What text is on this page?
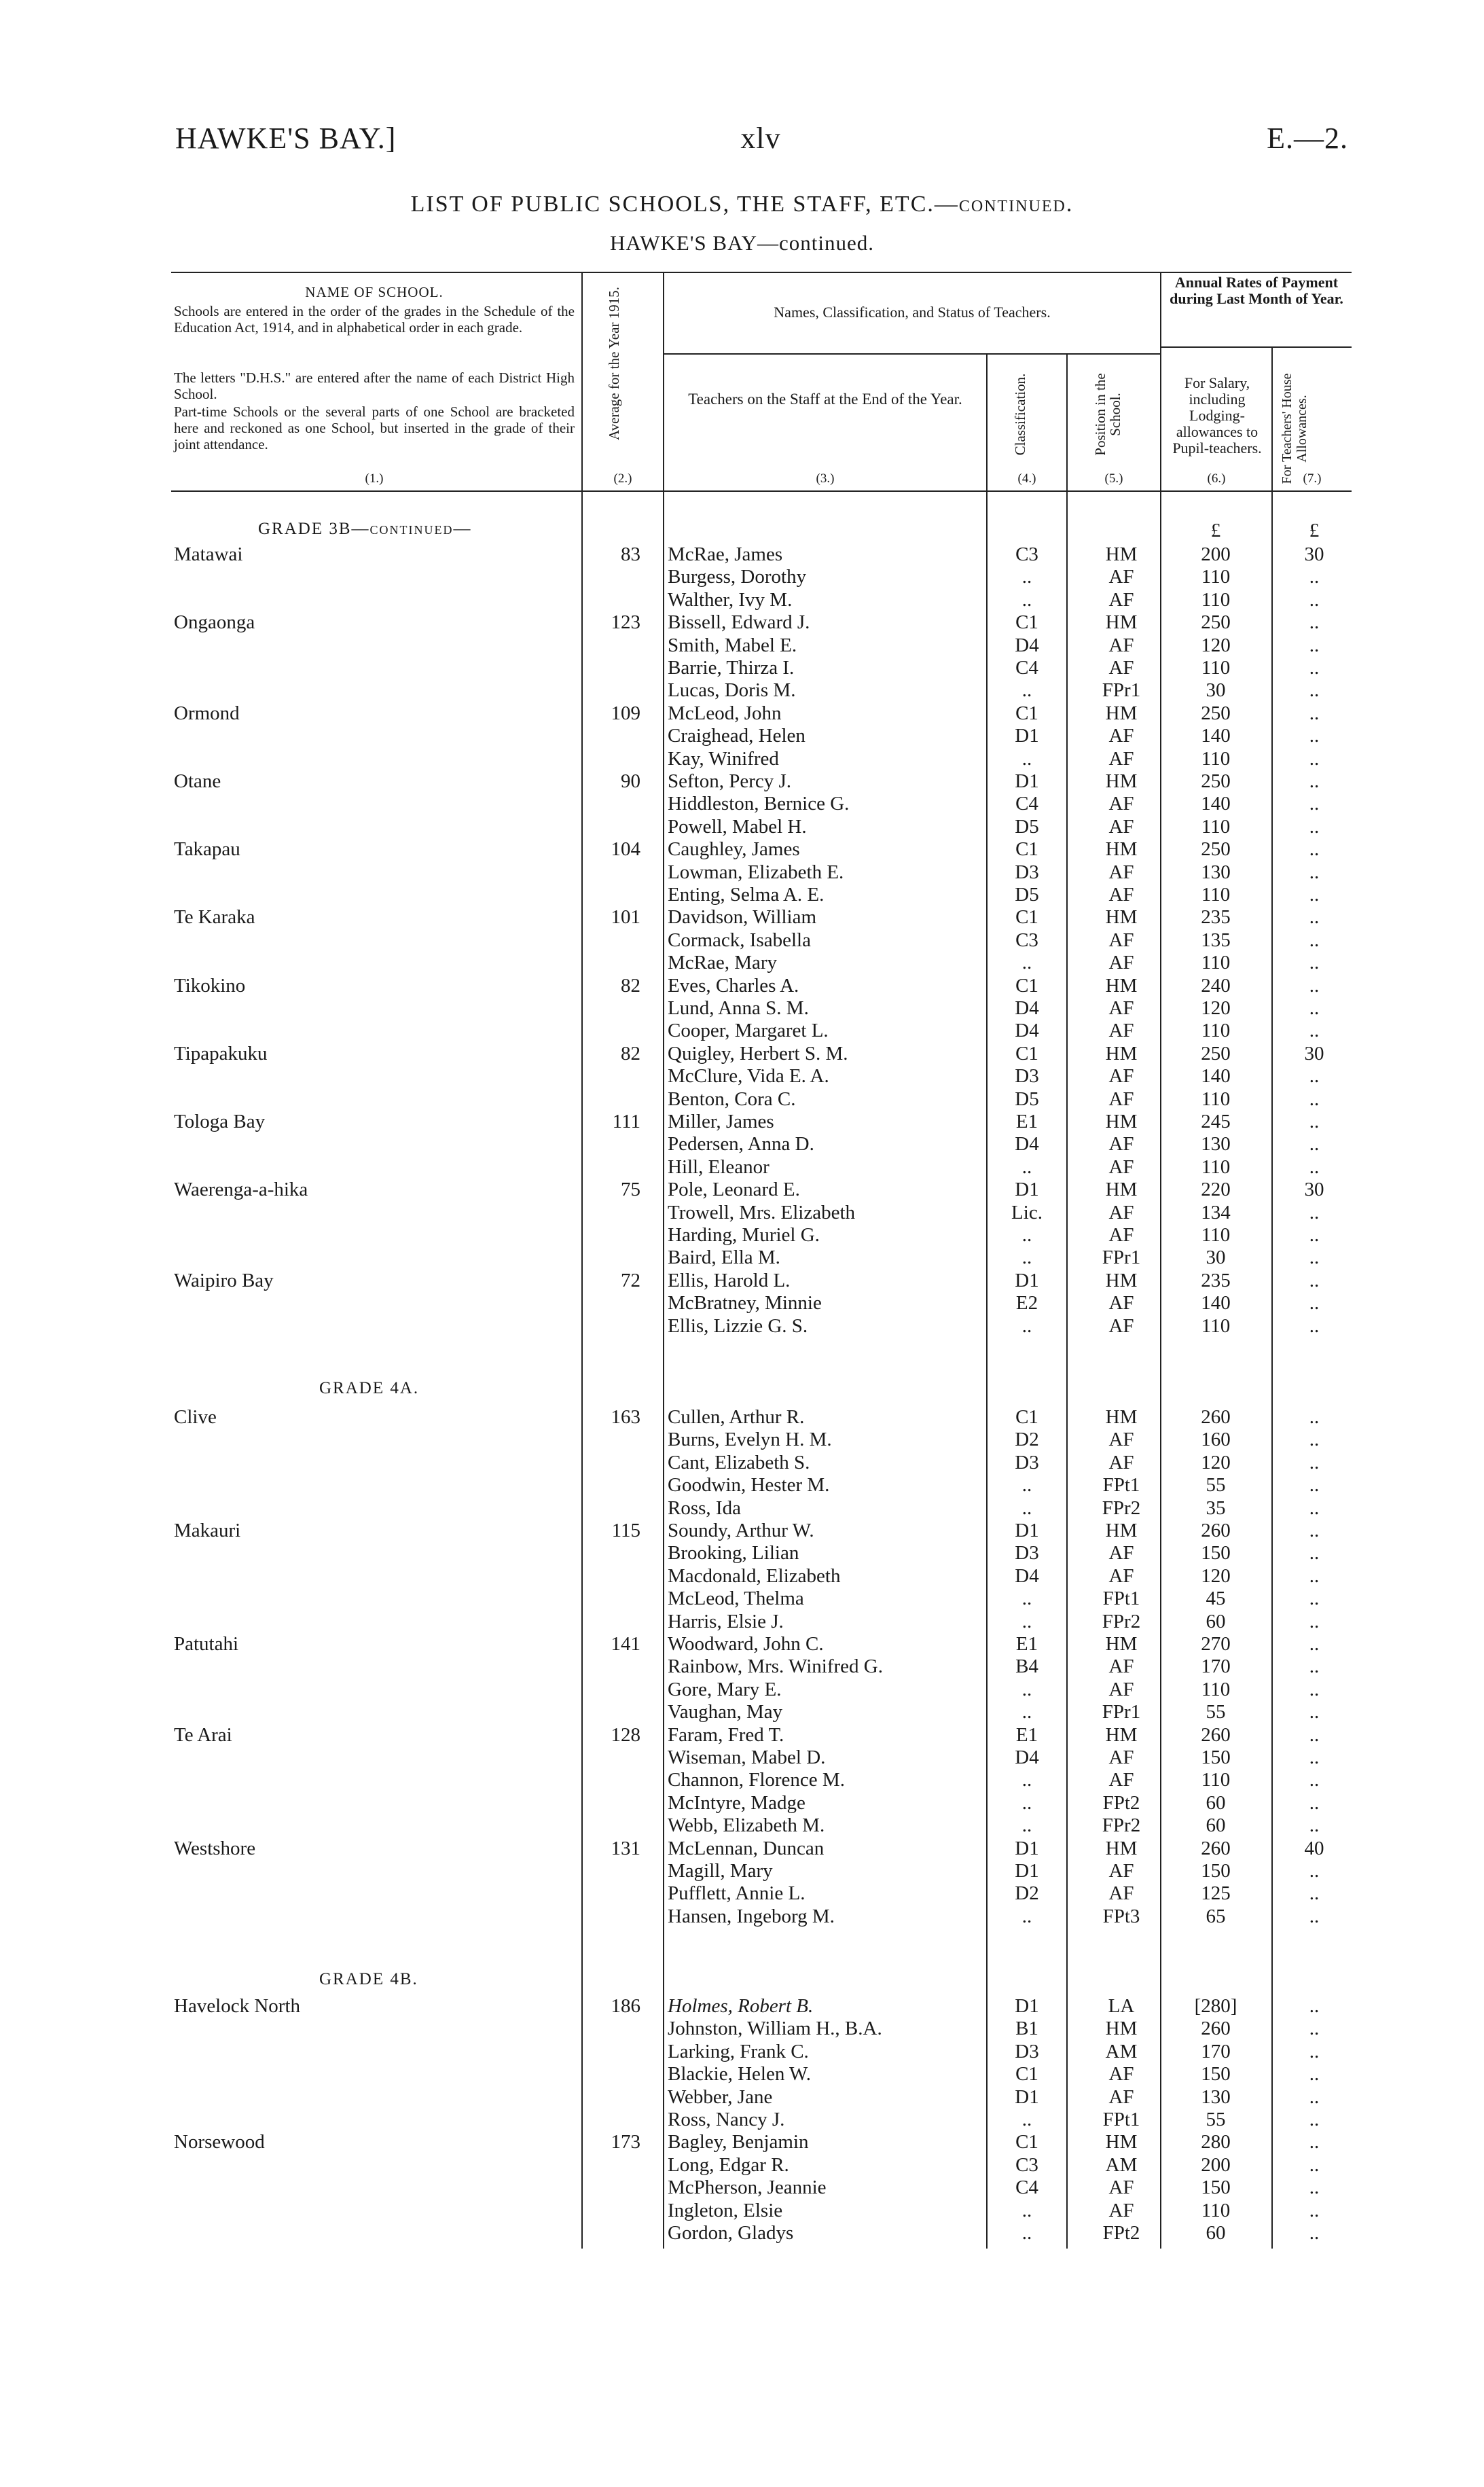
HAWKE'S BAY.]	xlv	E.—2.
LIST OF PUBLIC SCHOOLS, THE STAFF, ETC.—continued.
HAWKE'S BAY—continued.
NAME OF SCHOOL.
Schools are entered in the order of the grades in the Schedule of the Education Act, 1914, and in alphabetical order in each grade.
The letters "D.H.S." are entered after the name of each District High School.
Part-time Schools or the several parts of one School are bracketed here and reckoned as one School, but inserted in the grade of their joint attendance.
(1.)
Average for the Year 1915.
(2.)
Names, Classification, and Status of Teachers.
Teachers on the Staff at the End of the Year.
(3.)
Classification.
(4.)
Position in the School.
(5.)
Annual Rates of Payment during Last Month of Year.
For Salary, including Lodging-allowances to Pupil-teachers.
(6.)	For Teachers' House Allowances.
(7.)
GRADE 3B—continued—
GRADE 4A.
GRADE 4B.
£	£
Matawai	83 McRae, James	C3	HM	200	30
Burgess, Dorothy	..	AF	110	..
Walther, Ivy M.	..	AF	110	..
Ongaonga	123 Bissell, Edward J.	C1	HM	250	..
Smith, Mabel E.	D4	AF	120	..
Barrie, Thirza I.	C4	AF	110	..
Lucas, Doris M.	..	FPr1	30	..
Ormond	109 McLeod, John	C1	HM	250	..
Craighead, Helen	D1	AF	140	..
Kay, Winifred	..	AF	110	..
Otane	90 Sefton, Percy J.	D1	HM	250	..
Hiddleston, Bernice G.	C4	AF	140	..
Powell, Mabel H.	D5	AF	110	..
Takapau	104 Caughley, James	C1	HM	250	..
Lowman, Elizabeth E.	D3	AF	130	..
Enting, Selma A. E.	D5	AF	110	..
Te Karaka	101 Davidson, William	C1	HM	235	..
Cormack, Isabella	C3	AF	135	..
McRae, Mary	..	AF	110	..
Tikokino	82 Eves, Charles A.	C1	HM	240	..
Lund, Anna S. M.	D4	AF	120	..
Cooper, Margaret L.	D4	AF	110	..
Tipapakuku	82 Quigley, Herbert S. M.	C1	HM	250	30
McClure, Vida E. A.	D3	AF	140	..
Benton, Cora C.	D5	AF	110	..
Tologa Bay	111 Miller, James	E1	HM	245	..
Pedersen, Anna D.	D4	AF	130	..
Hill, Eleanor	..	AF	110	..
Waerenga-a-hika	75 Pole, Leonard E.	D1	HM	220	30
Trowell, Mrs. Elizabeth	Lic.	AF	134	..
Harding, Muriel G.	..	AF	110	..
Baird, Ella M.	..	FPr1	30	..
Waipiro Bay	72 Ellis, Harold L.	D1	HM	235	..
McBratney, Minnie	E2	AF	140	..
Ellis, Lizzie G. S.	..	AF	110	..
Clive	163 Cullen, Arthur R.	C1	HM	260	..
Burns, Evelyn H. M.	D2	AF	160	..
Cant, Elizabeth S.	D3	AF	120	..
Goodwin, Hester M.	..	FPt1	55	..
Ross, Ida	..	FPr2	35	..
Makauri	115 Soundy, Arthur W.	D1	HM	260	..
Brooking, Lilian	D3	AF	150	..
Macdonald, Elizabeth	D4	AF	120	..
McLeod, Thelma	..	FPt1	45	..
Harris, Elsie J.	..	FPr2	60	..
Patutahi	141 Woodward, John C.	E1	HM	270	..
Rainbow, Mrs. Winifred G.	B4	AF	170	..
Gore, Mary E.	..	AF	110	..
Vaughan, May	..	FPr1	55	..
Te Arai	128 Faram, Fred T.	E1	HM	260	..
Wiseman, Mabel D.	D4	AF	150	..
Channon, Florence M.	..	AF	110	..
McIntyre, Madge	..	FPt2	60	..
Webb, Elizabeth M.	..	FPr2	60	..
Westshore	131 McLennan, Duncan	D1	HM	260	40
Magill, Mary	D1	AF	150	..
Pufflett, Annie L.	D2	AF	125	..
Hansen, Ingeborg M.	..	FPt3	65	..
Havelock North	186 Holmes, Robert B.	D1	LA	[280]	..
Johnston, William H., B.A.	B1	HM	260	..
Larking, Frank C.	D3	AM	170	..
Blackie, Helen W.	C1	AF	150	..
Webber, Jane	D1	AF	130	..
Ross, Nancy J.	..	FPt1	55	..
Norsewood	173 Bagley, Benjamin	C1	HM	280	..
Long, Edgar R.	C3	AM	200	..
McPherson, Jeannie	C4	AF	150	..
Ingleton, Elsie	..	AF	110	..
Gordon, Gladys	..	FPt2	60	..
